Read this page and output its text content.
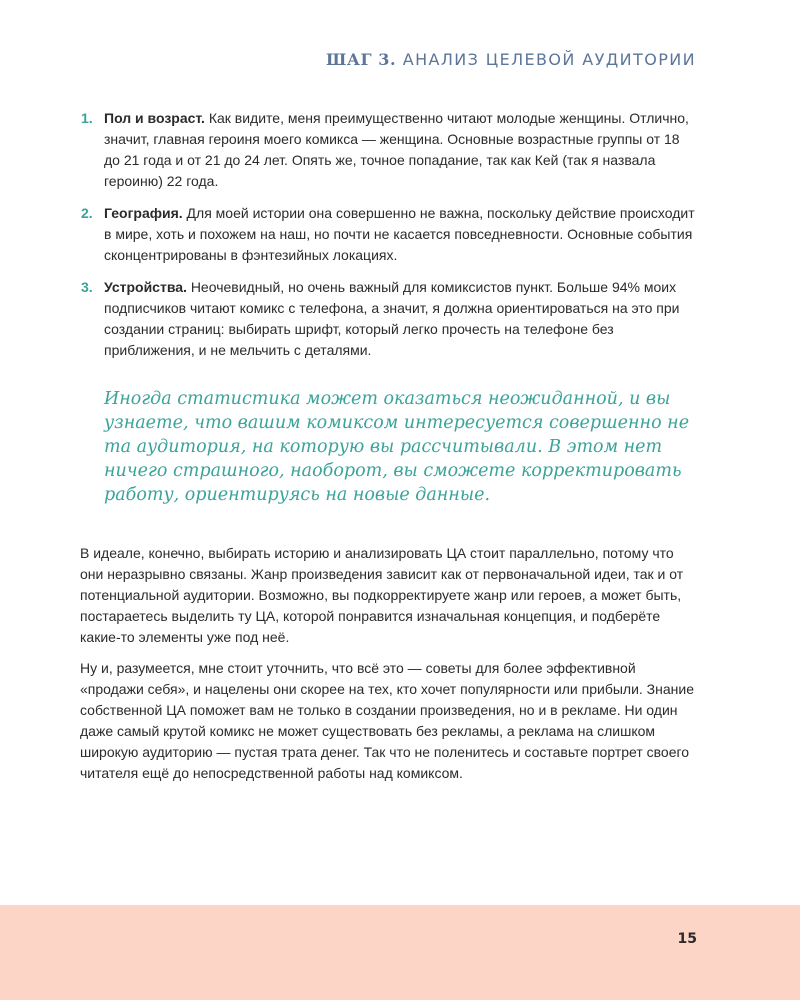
ШАГ 3. АНАЛИЗ ЦЕЛЕВОЙ АУДИТОРИИ
1. Пол и возраст. Как видите, меня преимущественно читают молодые женщины. Отлично, значит, главная героиня моего комикса — женщина. Основные возрастные группы от 18 до 21 года и от 21 до 24 лет. Опять же, точное попадание, так как Кей (так я назвала героиню) 22 года.
2. География. Для моей истории она совершенно не важна, поскольку действие происходит в мире, хоть и похожем на наш, но почти не касается повседневности. Основные события сконцентрированы в фэнтезийных локациях.
3. Устройства. Неочевидный, но очень важный для комиксистов пункт. Больше 94% моих подписчиков читают комикс с телефона, а значит, я должна ориентироваться на это при создании страниц: выбирать шрифт, который легко прочесть на телефоне без приближения, и не мельчить с деталями.
Иногда статистика может оказаться неожиданной, и вы узнаете, что вашим комиксом интересуется совершенно не та аудитория, на которую вы рассчитывали. В этом нет ничего страшного, наоборот, вы сможете корректировать работу, ориентируясь на новые данные.

В идеале, конечно, выбирать историю и анализировать ЦА стоит параллельно, потому что они неразрывно связаны. Жанр произведения зависит как от первоначальной идеи, так и от потенциальной аудитории. Возможно, вы подкорректируете жанр или героев, а может быть, постараетесь выделить ту ЦА, которой понравится изначальная концепция, и подберёте какие-то элементы уже под неё.

Ну и, разумеется, мне стоит уточнить, что всё это — советы для более эффективной «продажи себя», и нацелены они скорее на тех, кто хочет популярности или прибыли. Знание собственной ЦА поможет вам не только в создании произведения, но и в рекламе. Ни один даже самый крутой комикс не может существовать без рекламы, а реклама на слишком широкую аудиторию — пустая трата денег. Так что не поленитесь и составьте портрет своего читателя ещё до непосредственной работы над комиксом.

15
